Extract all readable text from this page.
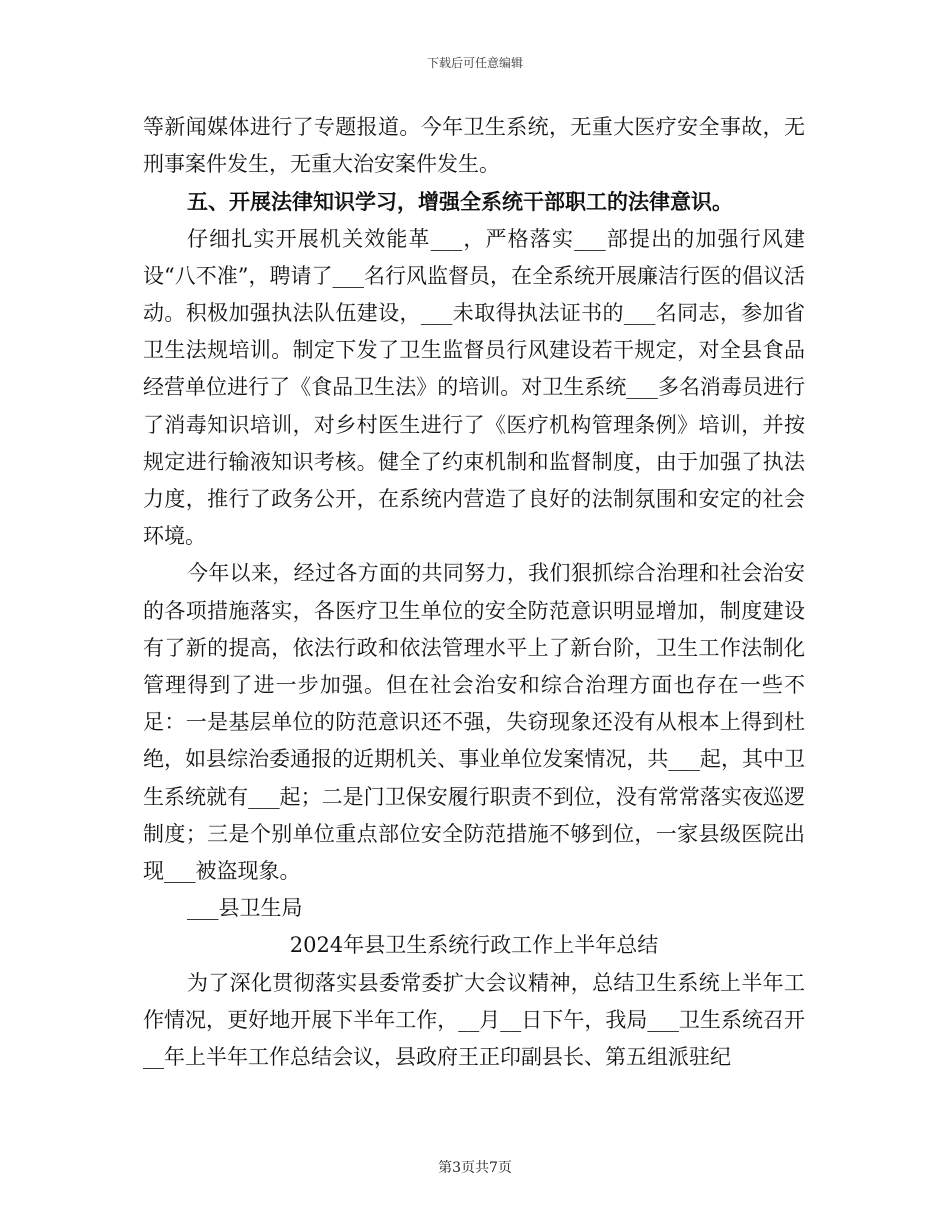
下载后可任意编辑

等新闻媒体进行了专题报道。今年卫生系统，无重大医疗安全事故，无刑事案件发生，无重大治安案件发生。

五、开展法律知识学习，增强全系统干部职工的法律意识。

仔细扎实开展机关效能革___，严格落实___部提出的加强行风建设“八不准”，聘请了___名行风监督员，在全系统开展廉洁行医的倡议活动。积极加强执法队伍建设，___未取得执法证书的___名同志，参加省卫生法规培训。制定下发了卫生监督员行风建设若干规定，对全县食品经营单位进行了《食品卫生法》的培训。对卫生系统___多名消毒员进行了消毒知识培训，对乡村医生进行了《医疗机构管理条例》培训，并按规定进行输液知识考核。健全了约束机制和监督制度，由于加强了执法力度，推行了政务公开，在系统内营造了良好的法制氛围和安定的社会环境。

今年以来，经过各方面的共同努力，我们狠抓综合治理和社会治安的各项措施落实，各医疗卫生单位的安全防范意识明显增加，制度建设有了新的提高，依法行政和依法管理水平上了新台阶，卫生工作法制化管理得到了进一步加强。但在社会治安和综合治理方面也存在一些不足：一是基层单位的防范意识还不强，失窃现象还没有从根本上得到杜绝，如县综治委通报的近期机关、事业单位发案情况，共___起，其中卫生系统就有___起；二是门卫保安履行职责不到位，没有常常落实夜巡逻制度；三是个别单位重点部位安全防范措施不够到位，一家县级医院出现___被盗现象。

___县卫生局

2024年县卫生系统行政工作上半年总结

为了深化贯彻落实县委常委扩大会议精神，总结卫生系统上半年工作情况，更好地开展下半年工作，__月__日下午，我局___卫生系统召开__年上半年工作总结会议，县政府王正印副县长、第五组派驻纪

第3页共7页
